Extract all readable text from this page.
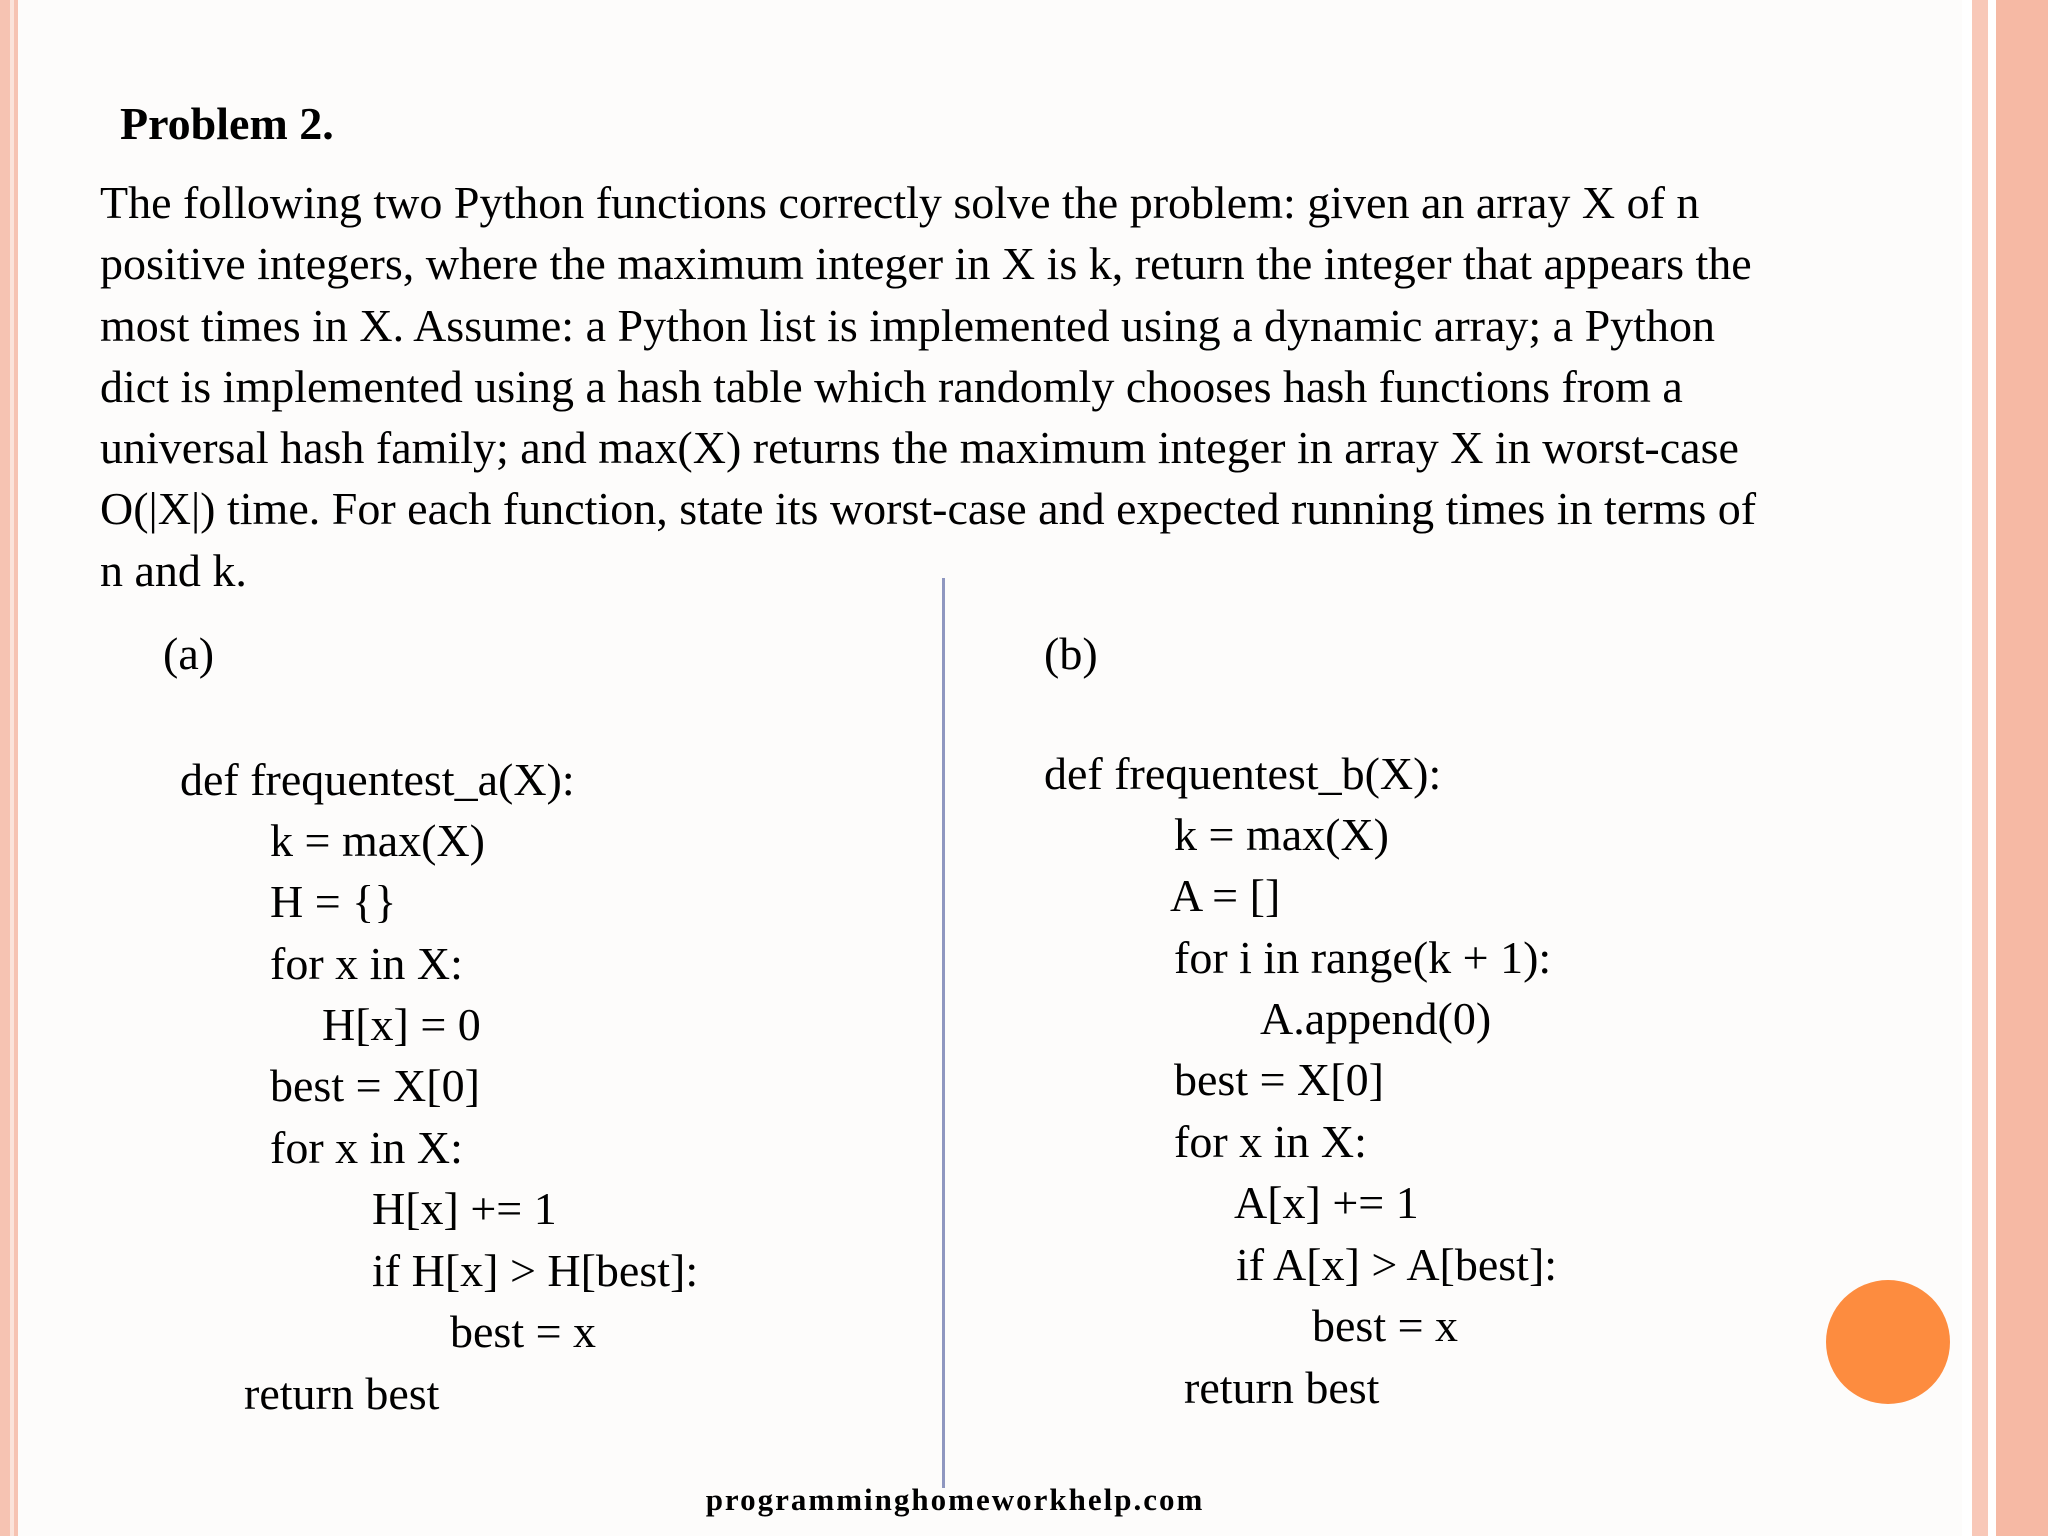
Problem 2.
The following two Python functions correctly solve the problem: given an array X of n
positive integers, where the maximum integer in X is k, return the integer that appears the
most times in X. Assume: a Python list is implemented using a dynamic array; a Python
dict is implemented using a hash table which randomly chooses hash functions from a
universal hash family; and max(X) returns the maximum integer in array X in worst-case
O(|X|) time. For each function, state its worst-case and expected running times in terms of
n and k.
(a)
def frequentest_a(X):
k = max(X)
H = {}
for x in X:
H[x] = 0
best = X[0]
for x in X:
H[x] += 1
if H[x] > H[best]:
best = x
return best
(b)
def frequentest_b(X):
k = max(X)
A = []
for i in range(k + 1):
A.append(0)
best = X[0]
for x in X:
A[x] += 1
if A[x] > A[best]:
best = x
return best
programminghomeworkhelp.com
